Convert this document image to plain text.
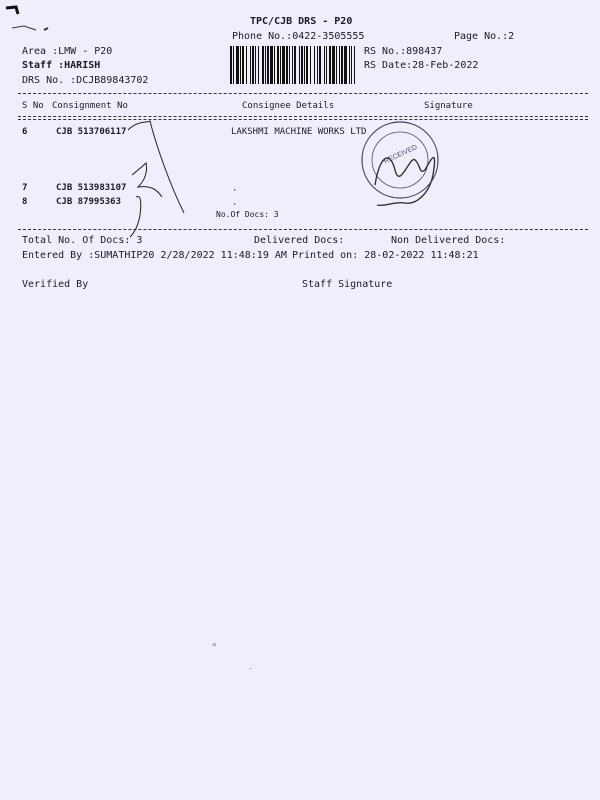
TPC/CJB DRS - P20
Phone No.:0422-3505555	Page No.:2
Area :LMW - P20
Staff :HARISH
DRS No. :DCJB89843702
RS No.:898437
RS Date:28-Feb-2022
S No Consignment No	Consignee Details	Signature
6	CJB 513706117	LAKSHMI MACHINE WORKS LTD
7	CJB 513983107
8	CJB 87995363
No.Of Docs: 3
·
·
RECEIVED
Total No. Of Docs: 3	Delivered Docs:	Non Delivered Docs:
Entered By :SUMATHIP20 2/28/2022 11:48:19 AM Printed on: 28-02-2022 11:48:21
Verified By	Staff Signature
«
-
